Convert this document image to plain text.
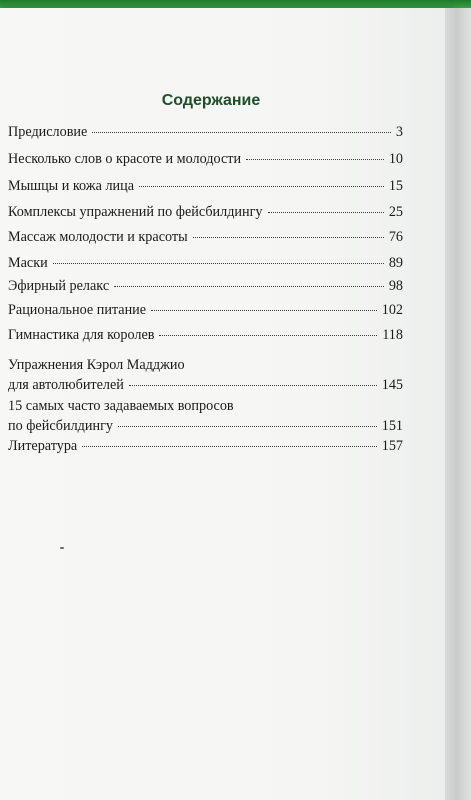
Содержание
Предисловие	3
Несколько слов о красоте и молодости	10
Мышцы и кожа лица	15
Комплексы упражнений по фейсбилдингу	25
Массаж молодости и красоты	76
Маски	89
Эфирный релакс	98
Рациональное питание	102
Гимнастика для королев	118
Упражнения Кэрол Мадджио
для автолюбителей	145
15 самых часто задаваемых вопросов
по фейсбилдингу	151
Литература	157
